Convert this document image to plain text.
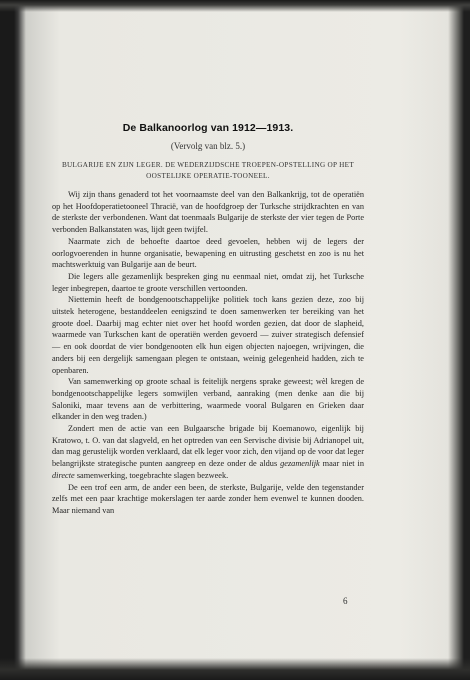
De Balkanoorlog van 1912—1913.
(Vervolg van blz. 5.)
BULGARIJE EN ZIJN LEGER. DE WEDERZIJDSCHE TROEPEN-OPSTELLING OP HET OOSTELIJKE OPERATIE-TOONEEL.

Wij zijn thans genaderd tot het voornaamste deel van den Balkankrijg, tot de operatiën op het Hoofdoperatietooneel Thracië, van de hoofdgroep der Turksche strijdkrachten en van de sterkste der verbondenen. Want dat toenmaals Bulgarije de sterkste der vier tegen de Porte verbonden Balkanstaten was, lijdt geen twijfel.

Naarmate zich de behoefte daartoe deed gevoelen, hebben wij de legers der oorlogvoerenden in hunne organisatie, bewapening en uitrusting geschetst en zoo is nu het machtswerktuig van Bulgarije aan de beurt.

Die legers alle gezamenlijk bespreken ging nu eenmaal niet, omdat zij, het Turksche leger inbegrepen, daartoe te groote verschillen vertoonden.

Niettemin heeft de bondgenootschappelijke politiek toch kans gezien deze, zoo bij uitstek heterogene, bestanddeelen eenigszind te doen samenwerken ter bereiking van het groote doel. Daarbij mag echter niet over het hoofd worden gezien, dat door de slapheid, waarmede van Turkschen kant de operatiën werden gevoerd — zuiver strategisch defensief — en ook doordat de vier bondgenooten elk hun eigen objecten najoegen, wrijvingen, die anders bij een dergelijk samengaan plegen te ontstaan, weinig gelegenheid hadden, zich te openbaren.

Van samenwerking op groote schaal is feitelijk nergens sprake geweest; wèl kregen de bondgenootschappelijke legers somwijlen verband, aanraking (men denke aan die bij Saloniki, maar tevens aan de verbittering, waarmede vooral Bulgaren en Grieken daar elkander in den weg traden.)

Zondert men de actie van een Bulgaarsche brigade bij Koemanowo, eigenlijk bij Kratowo, t. O. van dat slagveld, en het optreden van een Servische divisie bij Adrianopel uit, dan mag gerustelijk worden verklaard, dat elk leger voor zich, den vijand op de voor dat leger belangrijkste strategische punten aangreep en deze onder de aldus gezamenlijk maar niet in directe samenwerking, toegebrachte slagen bezweek.

De een trof een arm, de ander een been, de sterkste, Bulgarije, velde den tegenstander zelfs met een paar krachtige mokerslagen ter aarde zonder hem evenwel te kunnen dooden. Maar niemand van

6
